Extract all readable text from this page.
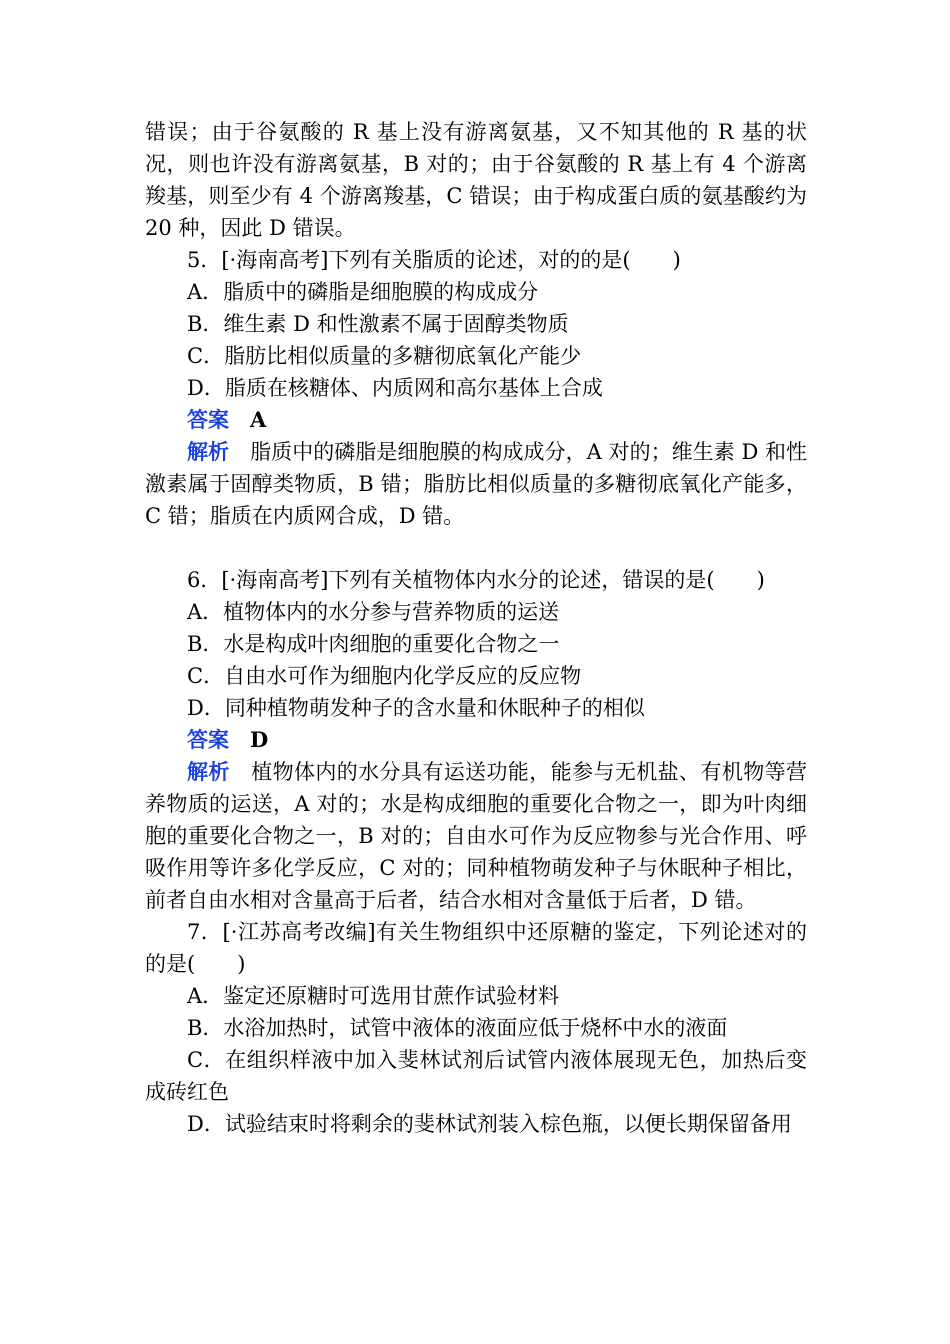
错误；由于谷氨酸的 R 基上没有游离氨基，又不知其他的 R 基的状况，则也许没有游离氨基，B 对的；由于谷氨酸的 R 基上有 4 个游离羧基，则至少有 4 个游离羧基，C 错误；由于构成蛋白质的氨基酸约为 20 种，因此 D 错误。

5．[·海南高考]下列有关脂质的论述，对的的是(　　)

A．脂质中的磷脂是细胞膜的构成成分

B．维生素 D 和性激素不属于固醇类物质

C．脂肪比相似质量的多糖彻底氧化产能少

D．脂质在核糖体、内质网和高尔基体上合成

答案　 A

解析　 脂质中的磷脂是细胞膜的构成成分，A 对的；维生素 D 和性激素属于固醇类物质，B 错；脂肪比相似质量的多糖彻底氧化产能多，C 错；脂质在内质网合成，D 错。

6．[·海南高考]下列有关植物体内水分的论述，错误的是(　　)

A．植物体内的水分参与营养物质的运送

B．水是构成叶肉细胞的重要化合物之一

C．自由水可作为细胞内化学反应的反应物

D．同种植物萌发种子的含水量和休眠种子的相似

答案　 D

解析　 植物体内的水分具有运送功能，能参与无机盐、有机物等营养物质的运送，A 对的；水是构成细胞的重要化合物之一，即为叶肉细胞的重要化合物之一，B 对的；自由水可作为反应物参与光合作用、呼吸作用等许多化学反应，C 对的；同种植物萌发种子与休眠种子相比，前者自由水相对含量高于后者，结合水相对含量低于后者，D 错。

7．[·江苏高考改编]有关生物组织中还原糖的鉴定，下列论述对的的是(　　)

A．鉴定还原糖时可选用甘蔗作试验材料

B．水浴加热时，试管中液体的液面应低于烧杯中水的液面

C．在组织样液中加入斐林试剂后试管内液体展现无色，加热后变成砖红色

D．试验结束时将剩余的斐林试剂装入棕色瓶，以便长期保留备用
